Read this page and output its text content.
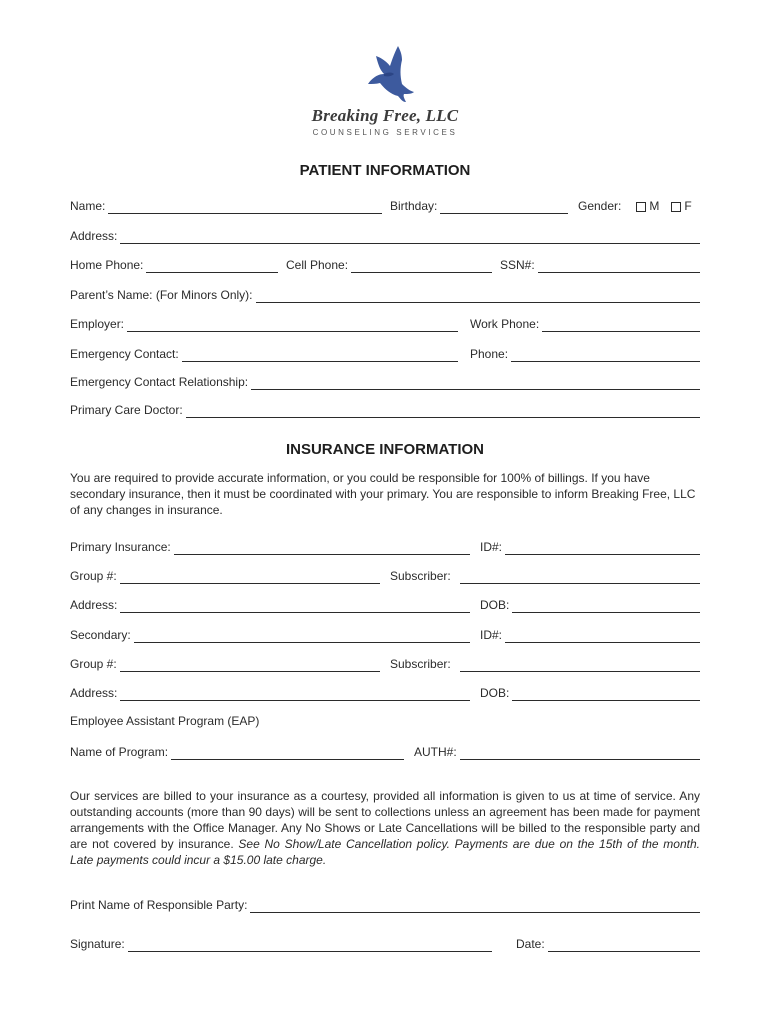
Breaking Free, LLC
COUNSELING SERVICES
PATIENT INFORMATION
Name:	Birthday:	Gender: M F
Address:
Home Phone:	Cell Phone:	SSN#:
Parent’s Name: (For Minors Only):
Employer:	Work Phone:
Emergency Contact:	Phone:
Emergency Contact Relationship:
Primary Care Doctor:
INSURANCE INFORMATION
You are required to provide accurate information, or you could be responsible for 100% of billings. If you have secondary insurance, then it must be coordinated with your primary. You are responsible to inform Breaking Free, LLC of any changes in insurance.
Primary Insurance:	ID#:
Group #:	Subscriber:
Address:	DOB:
Secondary:	ID#:
Group #:	Subscriber:
Address:	DOB:
Employee Assistant Program (EAP)
Name of Program:	AUTH#:
Our services are billed to your insurance as a courtesy, provided all information is given to us at time of service. Any outstanding accounts (more than 90 days) will be sent to collections unless an agreement has been made for payment arrangements with the Office Manager. Any No Shows or Late Cancellations will be billed to the responsible party and are not covered by insurance. See No Show/Late Cancellation policy. Payments are due on the 15th of the month. Late payments could incur a $15.00 late charge.
Print Name of Responsible Party:
Signature:	Date:
